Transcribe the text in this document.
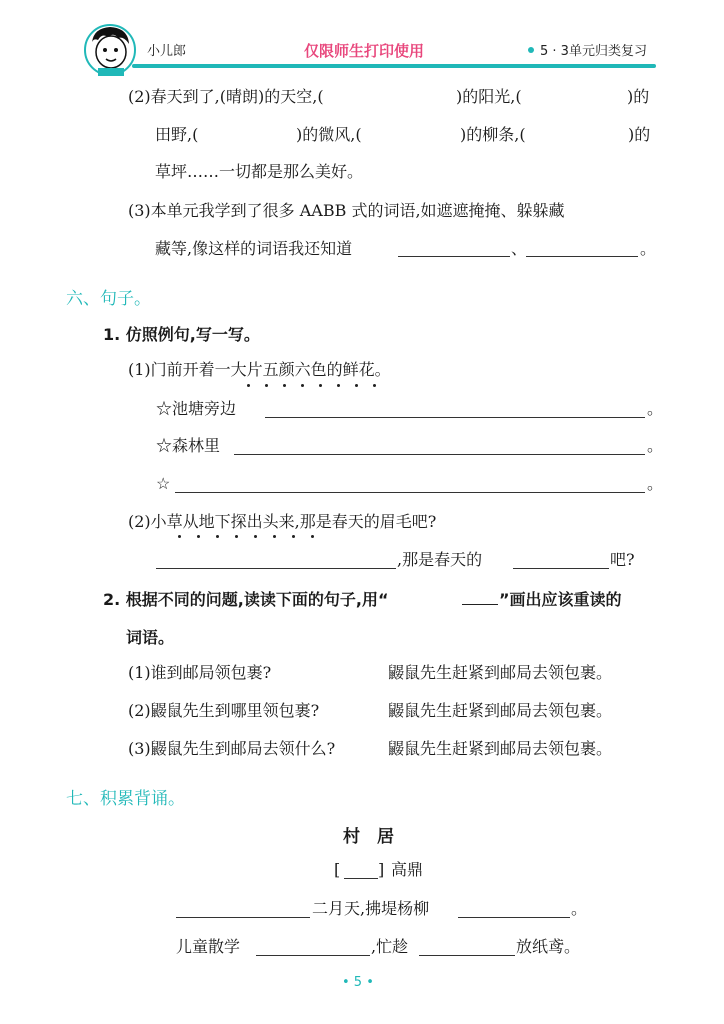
小儿郎	仅限师生打印使用	5 · 3单元归类复习
(2)春天到了,(晴朗)的天空,(	)的阳光,(	)的
田野,(	)的微风,(	)的柳条,(	)的
草坪……一切都是那么美好。
(3)本单元我学到了很多 AABB 式的词语,如遮遮掩掩、躲躲藏
藏等,像这样的词语我还知道	、	。
六、句子。
1. 仿照例句,写一写。
(1)门前开着一大片五颜六色的鲜花。
☆池塘旁边	。
☆森林里	。
☆	。
(2)小草从地下探出头来,那是春天的眉毛吧?
,那是春天的	吧?
2. 根据不同的问题,读读下面的句子,用“	”画出应该重读的
词语。
(1)谁到邮局领包裹?	鼹鼠先生赶紧到邮局去领包裹。
(2)鼹鼠先生到哪里领包裹?	鼹鼠先生赶紧到邮局去领包裹。
(3)鼹鼠先生到邮局去领什么?	鼹鼠先生赶紧到邮局去领包裹。
七、积累背诵。
村　居
[ ] 高鼎
二月天,拂堤杨柳	。
儿童散学	,忙趁	放纸鸢。
• 5 •
